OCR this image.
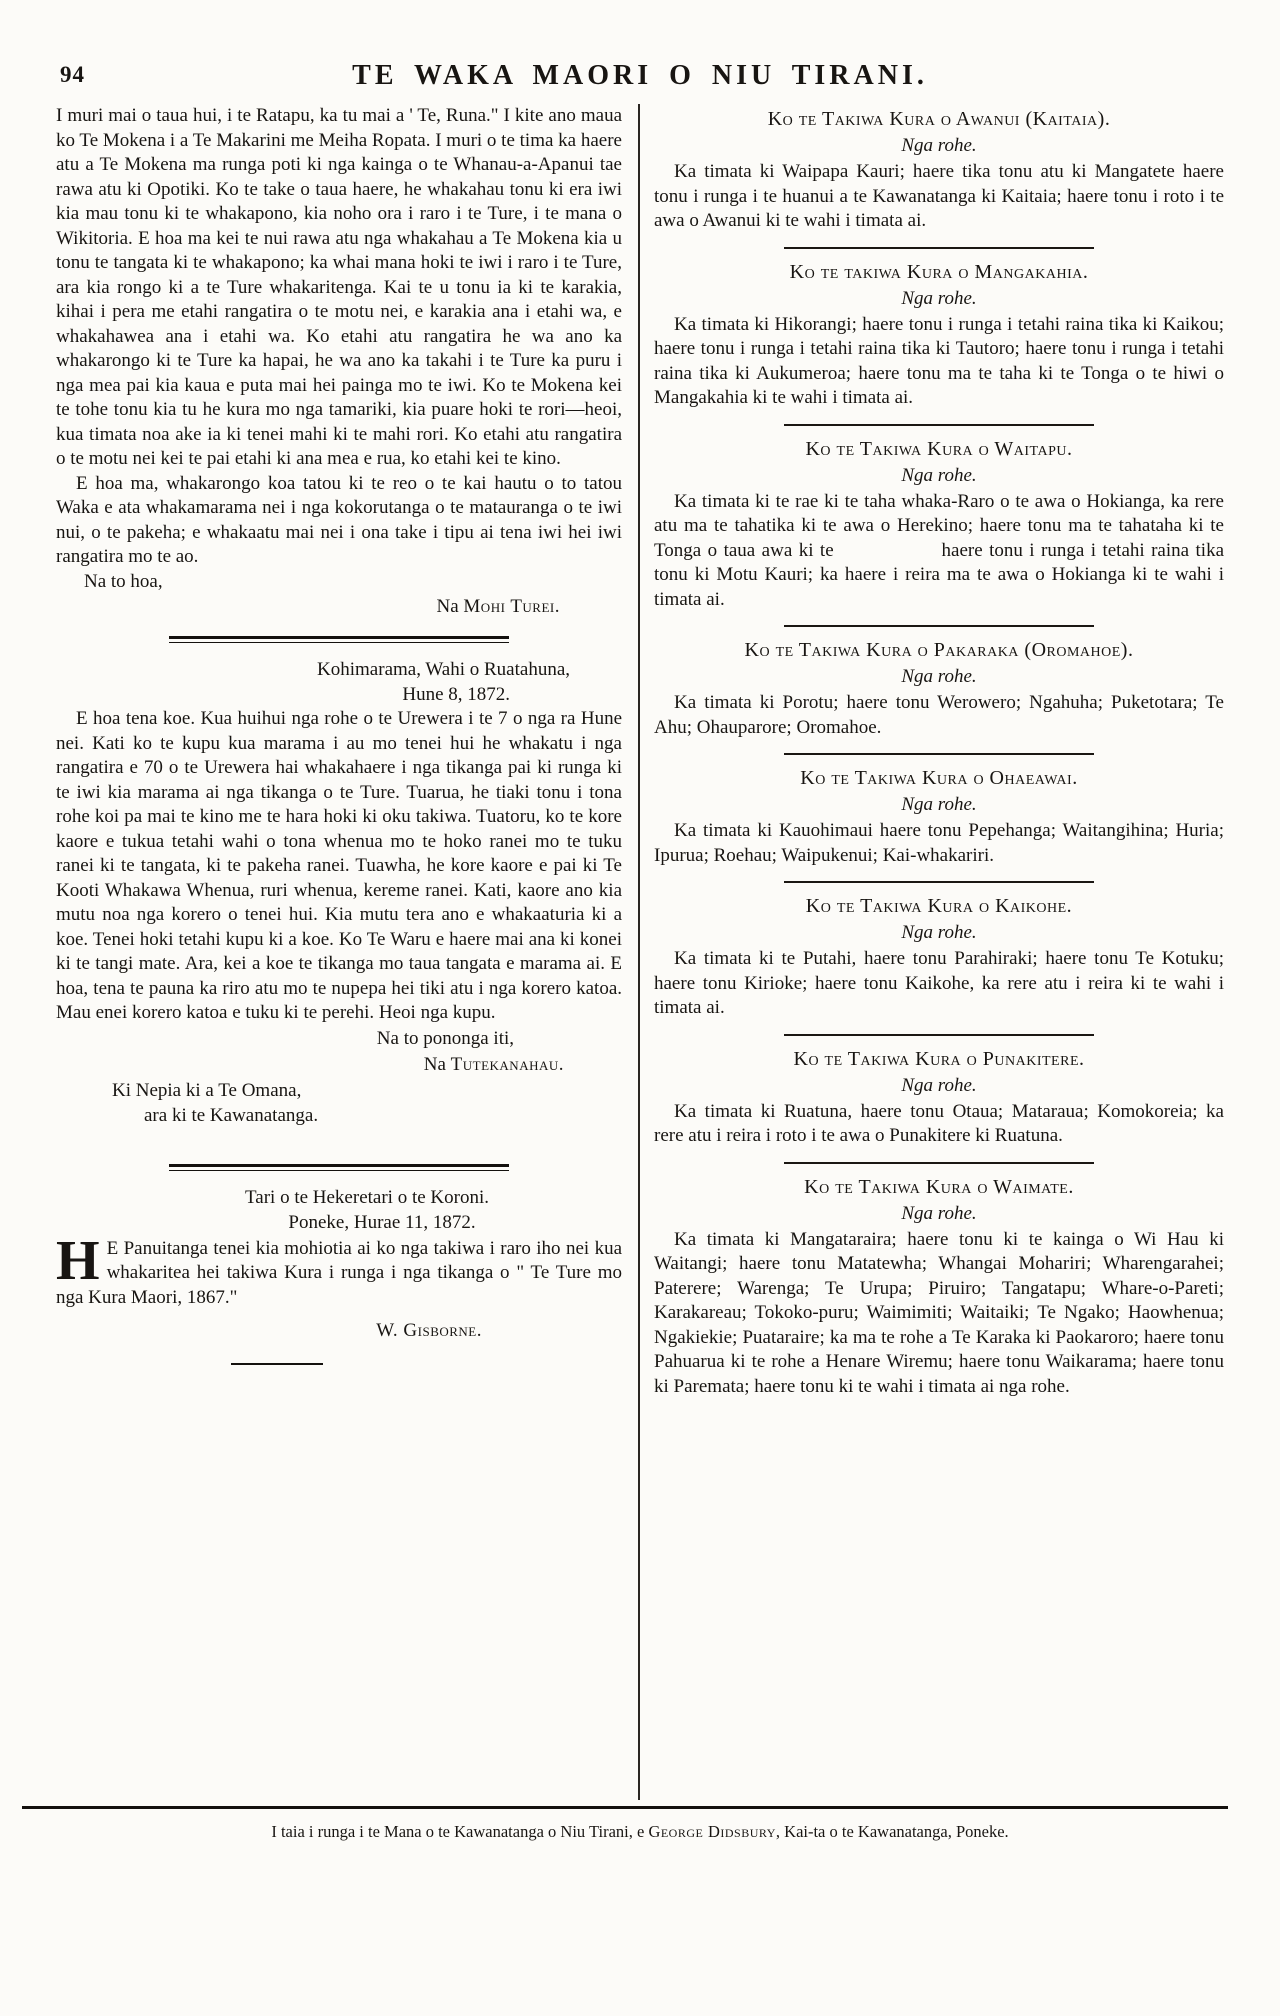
94	TE WAKA MAORI O NIU TIRANI.

I muri mai o taua hui, i te Ratapu, ka tu mai a ' Te, Runa." I kite ano maua ko Te Mokena i a Te Makarini me Meiha Ropata. I muri o te tima ka haere atu a Te Mokena ma runga poti ki nga kainga o te Whanau-a-Apanui tae rawa atu ki Opotiki. Ko te take o taua haere, he whakahau tonu ki era iwi kia mau tonu ki te whakapono, kia noho ora i raro i te Ture, i te mana o Wikitoria. E hoa ma kei te nui rawa atu nga whakahau a Te Mokena kia u tonu te tangata ki te whakapono; ka whai mana hoki te iwi i raro i te Ture, ara kia rongo ki a te Ture whakaritenga. Kai te u tonu ia ki te karakia, kihai i pera me etahi rangatira o te motu nei, e karakia ana i etahi wa, e whakahawea ana i etahi wa. Ko etahi atu rangatira he wa ano ka whakarongo ki te Ture ka hapai, he wa ano ka takahi i te Ture ka puru i nga mea pai kia kaua e puta mai hei painga mo te iwi. Ko te Mokena kei te tohe tonu kia tu he kura mo nga tamariki, kia puare hoki te rori—heoi, kua timata noa ake ia ki tenei mahi ki te mahi rori. Ko etahi atu rangatira o te motu nei kei te pai etahi ki ana mea e rua, ko etahi kei te kino.

E hoa ma, whakarongo koa tatou ki te reo o te kai hautu o to tatou Waka e ata whakamarama nei i nga kokorutanga o te matauranga o te iwi nui, o te pakeha; e whakaatu mai nei i ona take i tipu ai tena iwi hei iwi rangatira mo te ao.

Na to hoa,

Na Mohi Turei.

Kohimarama, Wahi o Ruatahuna,

Hune 8, 1872.

E hoa tena koe. Kua huihui nga rohe o te Urewera i te 7 o nga ra Hune nei. Kati ko te kupu kua marama i au mo tenei hui he whakatu i nga rangatira e 70 o te Urewera hai whakahaere i nga tikanga pai ki runga ki te iwi kia marama ai nga tikanga o te Ture. Tuarua, he tiaki tonu i tona rohe koi pa mai te kino me te hara hoki ki oku takiwa. Tuatoru, ko te kore kaore e tukua tetahi wahi o tona whenua mo te hoko ranei mo te tuku ranei ki te tangata, ki te pakeha ranei. Tuawha, he kore kaore e pai ki Te Kooti Whakawa Whenua, ruri whenua, kereme ranei. Kati, kaore ano kia mutu noa nga korero o tenei hui. Kia mutu tera ano e whakaaturia ki a koe. Tenei hoki tetahi kupu ki a koe. Ko Te Waru e haere mai ana ki konei ki te tangi mate. Ara, kei a koe te tikanga mo taua tangata e marama ai. E hoa, tena te pauna ka riro atu mo te nupepa hei tiki atu i nga korero katoa. Mau enei korero katoa e tuku ki te perehi. Heoi nga kupu.

Na to pononga iti,

Na Tutekanahau.

Ki Nepia ki a Te Omana,

ara ki te Kawanatanga.

Tari o te Hekeretari o te Koroni.

Poneke, Hurae 11, 1872.

H E Panuitanga tenei kia mohiotia ai ko nga takiwa i raro iho nei kua whakaritea hei takiwa Kura i runga i nga tikanga o " Te Ture mo nga Kura Maori, 1867."

W. Gisborne.

Ko te Takiwa Kura o Awanui (Kaitaia).
Nga rohe.

Ka timata ki Waipapa Kauri; haere tika tonu atu ki Mangatete haere tonu i runga i te huanui a te Kawanatanga ki Kaitaia; haere tonu i roto i te awa o Awanui ki te wahi i timata ai.

Ko te takiwa Kura o Mangakahia.
Nga rohe.

Ka timata ki Hikorangi; haere tonu i runga i tetahi raina tika ki Kaikou; haere tonu i runga i tetahi raina tika ki Tautoro; haere tonu i runga i tetahi raina tika ki Aukumeroa; haere tonu ma te taha ki te Tonga o te hiwi o Mangakahia ki te wahi i timata ai.

Ko te Takiwa Kura o Waitapu.
Nga rohe.

Ka timata ki te rae ki te taha whaka-Raro o te awa o Hokianga, ka rere atu ma te tahatika ki te awa o Herekino; haere tonu ma te tahataha ki te Tonga o taua awa ki te       haere tonu i runga i tetahi raina tika tonu ki Motu Kauri; ka haere i reira ma te awa o Hokianga ki te wahi i timata ai.

Ko te Takiwa Kura o Pakaraka (Oromahoe).
Nga rohe.

Ka timata ki Porotu; haere tonu Werowero; Ngahuha; Puketotara; Te Ahu; Ohauparore; Oromahoe.

Ko te Takiwa Kura o Ohaeawai.
Nga rohe.

Ka timata ki Kauohimaui haere tonu Pepehanga; Waitangihina; Huria; Ipurua; Roehau; Waipukenui; Kai-whakariri.

Ko te Takiwa Kura o Kaikohe.
Nga rohe.

Ka timata ki te Putahi, haere tonu Parahiraki; haere tonu Te Kotuku; haere tonu Kirioke; haere tonu Kaikohe, ka rere atu i reira ki te wahi i timata ai.

Ko te Takiwa Kura o Punakitere.
Nga rohe.

Ka timata ki Ruatuna, haere tonu Otaua; Mataraua; Komokoreia; ka rere atu i reira i roto i te awa o Punakitere ki Ruatuna.

Ko te Takiwa Kura o Waimate.
Nga rohe.

Ka timata ki Mangataraira; haere tonu ki te kainga o Wi Hau ki Waitangi; haere tonu Matatewha; Whangai Mohariri; Wharengarahei; Paterere; Warenga; Te Urupa; Piruiro; Tangatapu; Whare-o-Pareti; Karakareau; Tokoko-puru; Waimimiti; Waitaiki; Te Ngako; Haowhenua; Ngakiekie; Puataraire; ka ma te rohe a Te Karaka ki Paokaroro; haere tonu Pahuarua ki te rohe a Henare Wiremu; haere tonu Waikarama; haere tonu ki Paremata; haere tonu ki te wahi i timata ai nga rohe.

I taia i runga i te Mana o te Kawanatanga o Niu Tirani, e George Didsbury, Kai-ta o te Kawanatanga, Poneke.
